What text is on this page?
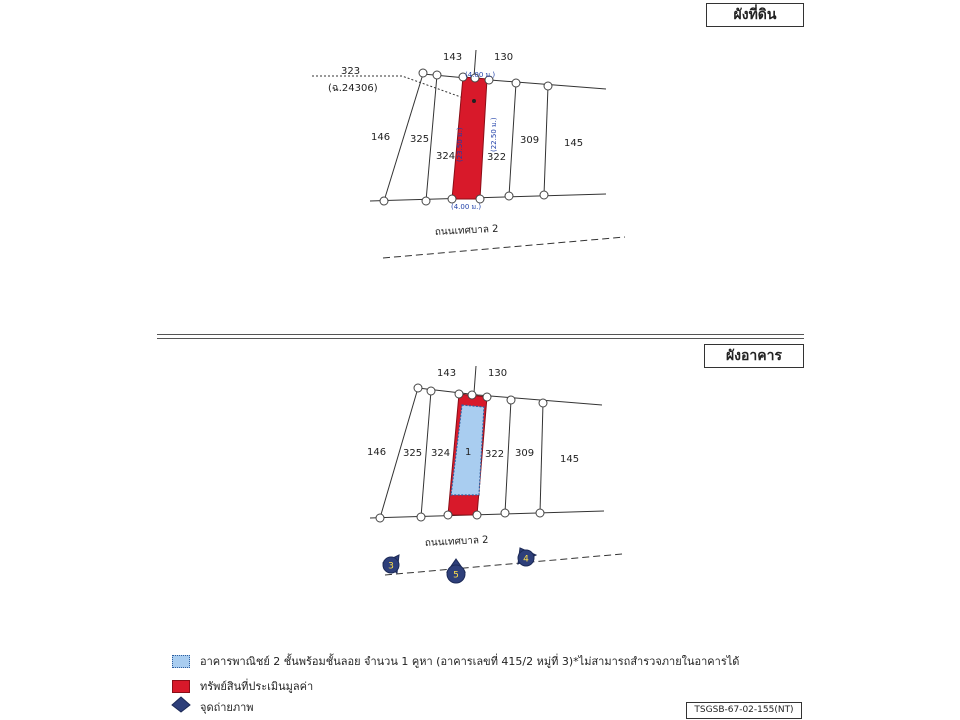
ผังที่ดิน
ผังอาคาร
3
5
4
143	130
323
(ฉ.24306)
146 325
324	322
309 145
ถนนเทศบาล 2
(4.00 ม.)
(4.00 ม.)
(23.50 ม.)	(22.50 ม.)
143	130
146 325 324 1 322 309
145
ถนนเทศบาล 2
อาคารพาณิชย์ 2 ชั้นพร้อมชั้นลอย จำนวน 1 คูหา (อาคารเลขที่ 415/2 หมู่ที่ 3)*ไม่สามารถสำรวจภายในอาคารได้
ทรัพย์สินที่ประเมินมูลค่า
จุดถ่ายภาพ	TSGSB-67-02-155(NT)
